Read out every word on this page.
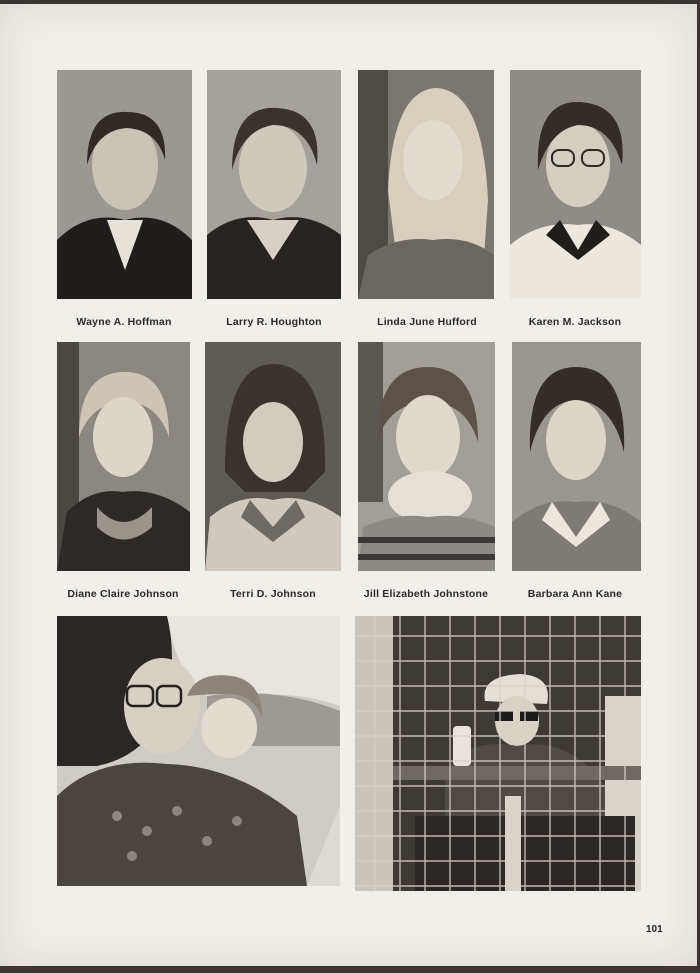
Wayne A. Hoffman	Larry R. Houghton	Linda June Hufford	Karen M. Jackson
Diane Claire Johnson	Terri D. Johnson	Jill Elizabeth Johnstone	Barbara Ann Kane
101
